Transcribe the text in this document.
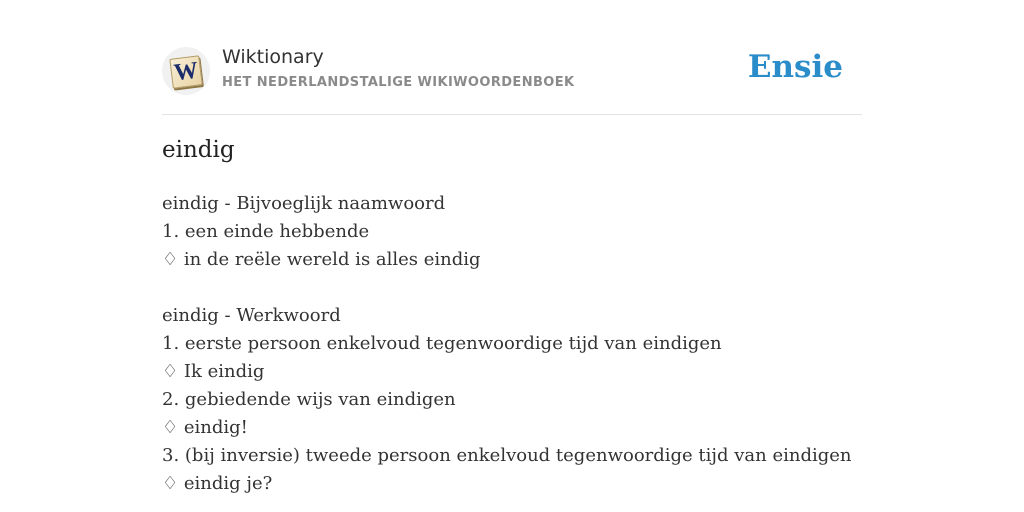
W
Wiktionary
HET NEDERLANDSTALIGE WIKIWOORDENBOEK	Ensie
eindig
eindig - Bijvoeglijk naamwoord
1. een einde hebbende
♢ in de reële wereld is alles eindig
eindig - Werkwoord
1. eerste persoon enkelvoud tegenwoordige tijd van eindigen
♢ Ik eindig
2. gebiedende wijs van eindigen
♢ eindig!
3. (bij inversie) tweede persoon enkelvoud tegenwoordige tijd van eindigen
♢ eindig je?
